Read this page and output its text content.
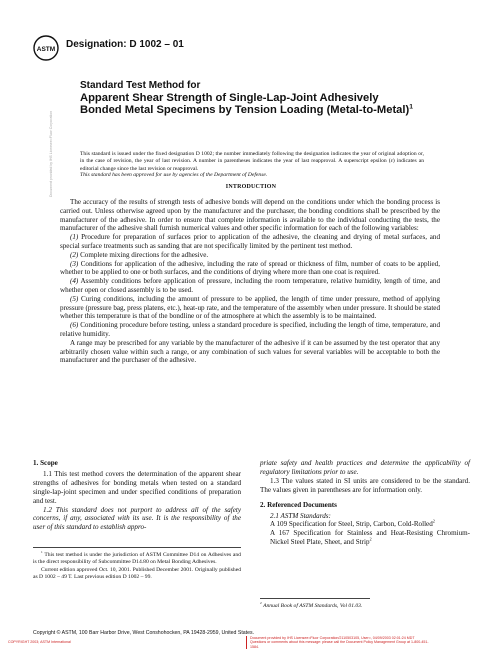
ASTM Designation: D 1002 – 01
Standard Test Method for
Apparent Shear Strength of Single-Lap-Joint Adhesively Bonded Metal Specimens by Tension Loading (Metal-to-Metal)$^1$
Document provided by IHS Licensee=Fluor Corporation	This standard is issued under the fixed designation D 1002; the number immediately following the designation indicates the year of original adoption or, in the case of revision, the year of last revision. A number in parentheses indicates the year of last reapproval. A superscript epsilon (ε) indicates an editorial change since the last revision or reapproval.
This standard has been approved for use by agencies of the Department of Defense.
INTRODUCTION

The accuracy of the results of strength tests of adhesive bonds will depend on the conditions under which the bonding process is carried out. Unless otherwise agreed upon by the manufacturer and the purchaser, the bonding conditions shall be prescribed by the manufacturer of the adhesive. In order to ensure that complete information is available to the individual conducting the tests, the manufacturer of the adhesive shall furnish numerical values and other specific information for each of the following variables:

(1) Procedure for preparation of surfaces prior to application of the adhesive, the cleaning and drying of metal surfaces, and special surface treatments such as sanding that are not specifically limited by the pertinent test method.

(2) Complete mixing directions for the adhesive.

(3) Conditions for application of the adhesive, including the rate of spread or thickness of film, number of coats to be applied, whether to be applied to one or both surfaces, and the conditions of drying where more than one coat is required.

(4) Assembly conditions before application of pressure, including the room temperature, relative humidity, length of time, and whether open or closed assembly is to be used.

(5) Curing conditions, including the amount of pressure to be applied, the length of time under pressure, method of applying pressure (pressure bag, press platens, etc.), heat-up rate, and the temperature of the assembly when under pressure. It should be stated whether this temperature is that of the bondline or of the atmosphere at which the assembly is to be maintained.

(6) Conditioning procedure before testing, unless a standard procedure is specified, including the length of time, temperature, and relative humidity.

A range may be prescribed for any variable by the manufacturer of the adhesive if it can be assumed by the test operator that any arbitrarily chosen value within such a range, or any combination of such values for several variables will be acceptable to both the manufacturer and the purchaser of the adhesive.

1. Scope

1.1 This test method covers the determination of the apparent shear strengths of adhesives for bonding metals when tested on a standard single-lap-joint specimen and under specified conditions of preparation and test.

1.2 This standard does not purport to address all of the safety concerns, if any, associated with its use. It is the responsibility of the user of this standard to establish appro-

priate safety and health practices and determine the applicability of regulatory limitations prior to use.

1.3 The values stated in SI units are considered to be the standard. The values given in parentheses are for information only.

2. Referenced Documents

2.1 ASTM Standards:

A 109 Specification for Steel, Strip, Carbon, Cold-Rolled$^2$

A 167 Specification for Stainless and Heat-Resisting Chromium-Nickel Steel Plate, Sheet, and Strip$^2$

$^1$ This test method is under the jurisdiction of ASTM Committee D14 on Adhesives and is the direct responsibility of Subcommittee D14.80 on Metal Bonding Adhesives.

Current edition approved Oct. 10, 2001. Published December 2001. Originally published as D 1002 – 49 T. Last previous edition D 1002 – 99.

$^2$ Annual Book of ASTM Standards, Vol 01.03.
Copyright © ASTM, 100 Barr Harbor Drive, West Conshohocken, PA 19428-2959, United States.
COPYRIGHT 2003; ASTM International
Document provided by IHS Licensee=Fluor Corporation/2110503105, User=, 04/09/2003 02:01:24 MDT Questions or comments about this message: please call the Document Policy Management Group at 1-800-451-1584.
